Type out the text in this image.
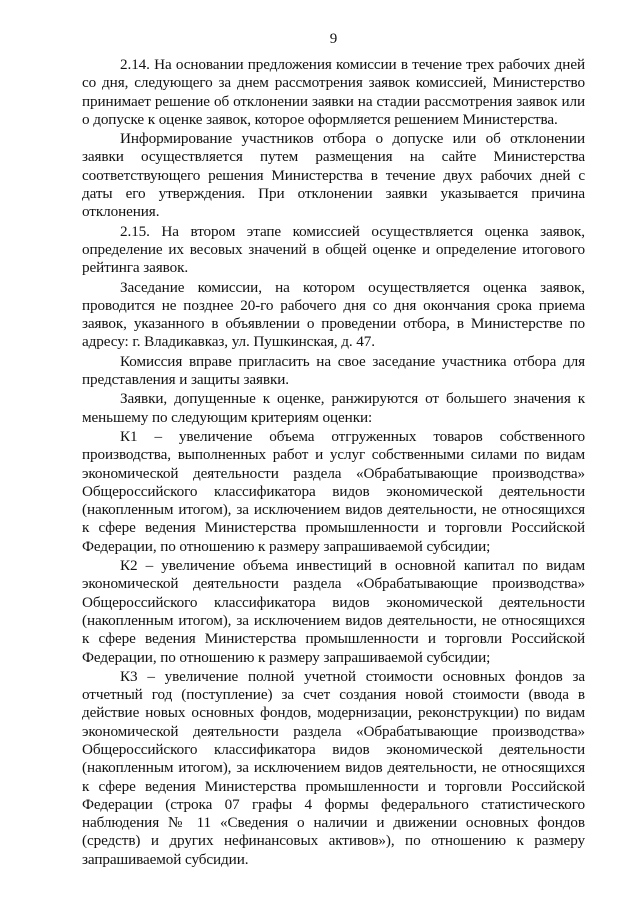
9

2.14. На основании предложения комиссии в течение трех рабочих дней со дня, следующего за днем рассмотрения заявок комиссией, Министерство принимает решение об отклонении заявки на стадии рассмотрения заявок или о допуске к оценке заявок, которое оформляется решением Министерства.

Информирование участников отбора о допуске или об отклонении заявки осуществляется путем размещения на сайте Министерства соответствующего решения Министерства в течение двух рабочих дней с даты его утверждения. При отклонении заявки указывается причина отклонения.

2.15. На втором этапе комиссией осуществляется оценка заявок, определение их весовых значений в общей оценке и определение итогового рейтинга заявок.

Заседание комиссии, на котором осуществляется оценка заявок, проводится не позднее 20-го рабочего дня со дня окончания срока приема заявок, указанного в объявлении о проведении отбора, в Министерстве по адресу: г. Владикавказ, ул. Пушкинская, д. 47.

Комиссия вправе пригласить на свое заседание участника отбора для представления и защиты заявки.

Заявки, допущенные к оценке, ранжируются от большего значения к меньшему по следующим критериям оценки:

К1 – увеличение объема отгруженных товаров собственного производства, выполненных работ и услуг собственными силами по видам экономической деятельности раздела «Обрабатывающие производства» Общероссийского классификатора видов экономической деятельности (накопленным итогом), за исключением видов деятельности, не относящихся к сфере ведения Министерства промышленности и торговли Российской Федерации, по отношению к размеру запрашиваемой субсидии;

К2 – увеличение объема инвестиций в основной капитал по видам экономической деятельности раздела «Обрабатывающие производства» Общероссийского классификатора видов экономической деятельности (накопленным итогом), за исключением видов деятельности, не относящихся к сфере ведения Министерства промышленности и торговли Российской Федерации, по отношению к размеру запрашиваемой субсидии;

К3 – увеличение полной учетной стоимости основных фондов за отчетный год (поступление) за счет создания новой стоимости (ввода в действие новых основных фондов, модернизации, реконструкции) по видам экономической деятельности раздела «Обрабатывающие производства» Общероссийского классификатора видов экономической деятельности (накопленным итогом), за исключением видов деятельности, не относящихся к сфере ведения Министерства промышленности и торговли Российской Федерации (строка 07 графы 4 формы федерального статистического наблюдения № 11 «Сведения о наличии и движении основных фондов (средств) и других нефинансовых активов»), по отношению к размеру запрашиваемой субсидии.
